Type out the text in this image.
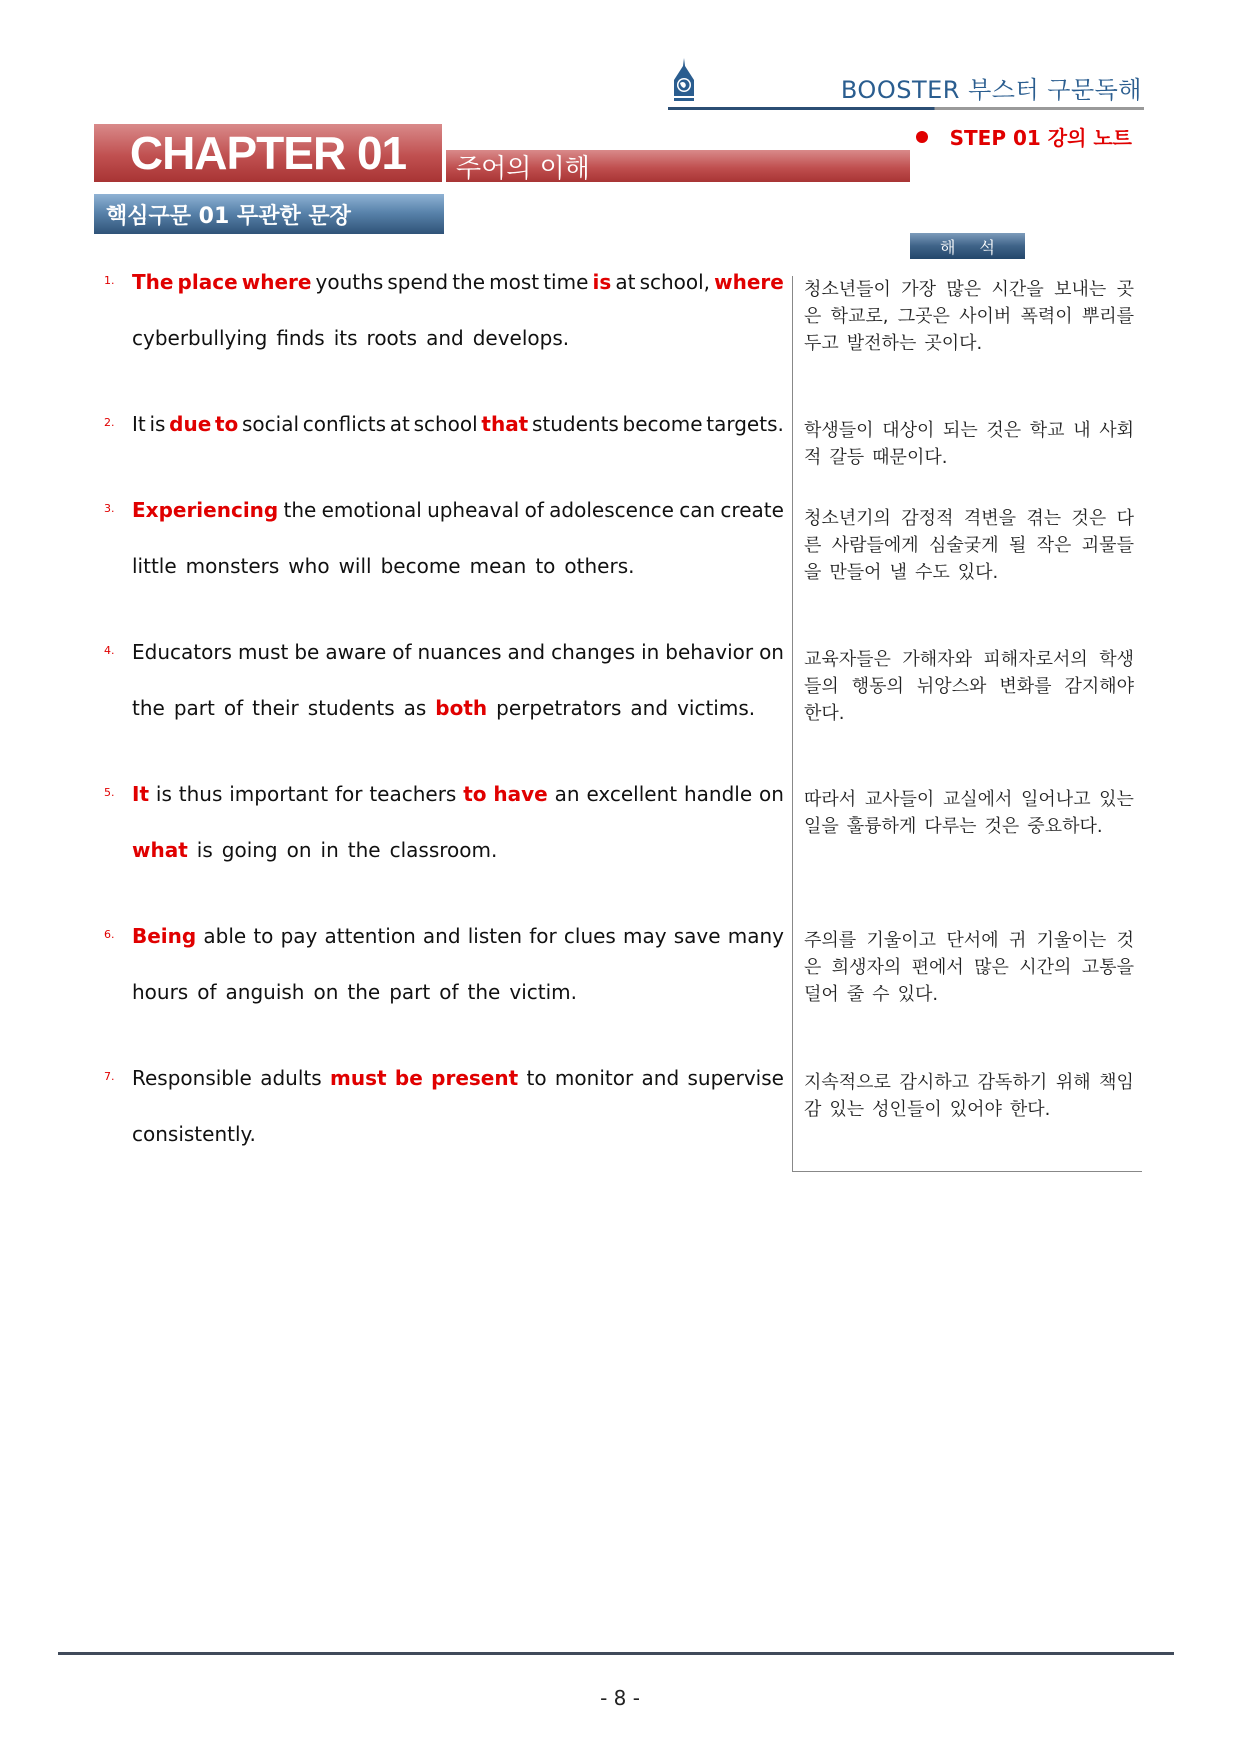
BOOSTER 부스터 구문독해
STEP 01 강의 노트
CHAPTER 01 주어의 이해
핵심구문 01 무관한 문장
해석
1. The place where youths spend the most time is at school, where
cyberbullying finds its roots and develops.
2. It is due to social conflicts at school that students become targets.
3. Experiencing the emotional upheaval of adolescence can create
little monsters who will become mean to others.
4. Educators must be aware of nuances and changes in behavior on
the part of their students as both perpetrators and victims.
5. It is thus important for teachers to have an excellent handle on
what is going on in the classroom.
6. Being able to pay attention and listen for clues may save many
hours of anguish on the part of the victim.
7. Responsible adults must be present to monitor and supervise
consistently.
청소년들이 가장 많은 시간을 보내는 곳
은 학교로, 그곳은 사이버 폭력이 뿌리를
두고 발전하는 곳이다.
학생들이 대상이 되는 것은 학교 내 사회
적 갈등 때문이다.
청소년기의 감정적 격변을 겪는 것은 다
른 사람들에게 심술궂게 될 작은 괴물들
을 만들어 낼 수도 있다.
교육자들은 가해자와 피해자로서의 학생
들의 행동의 뉘앙스와 변화를 감지해야
한다.
따라서 교사들이 교실에서 일어나고 있는
일을 훌륭하게 다루는 것은 중요하다.
주의를 기울이고 단서에 귀 기울이는 것
은 희생자의 편에서 많은 시간의 고통을
덜어 줄 수 있다.
지속적으로 감시하고 감독하기 위해 책임
감 있는 성인들이 있어야 한다.
- 8 -
